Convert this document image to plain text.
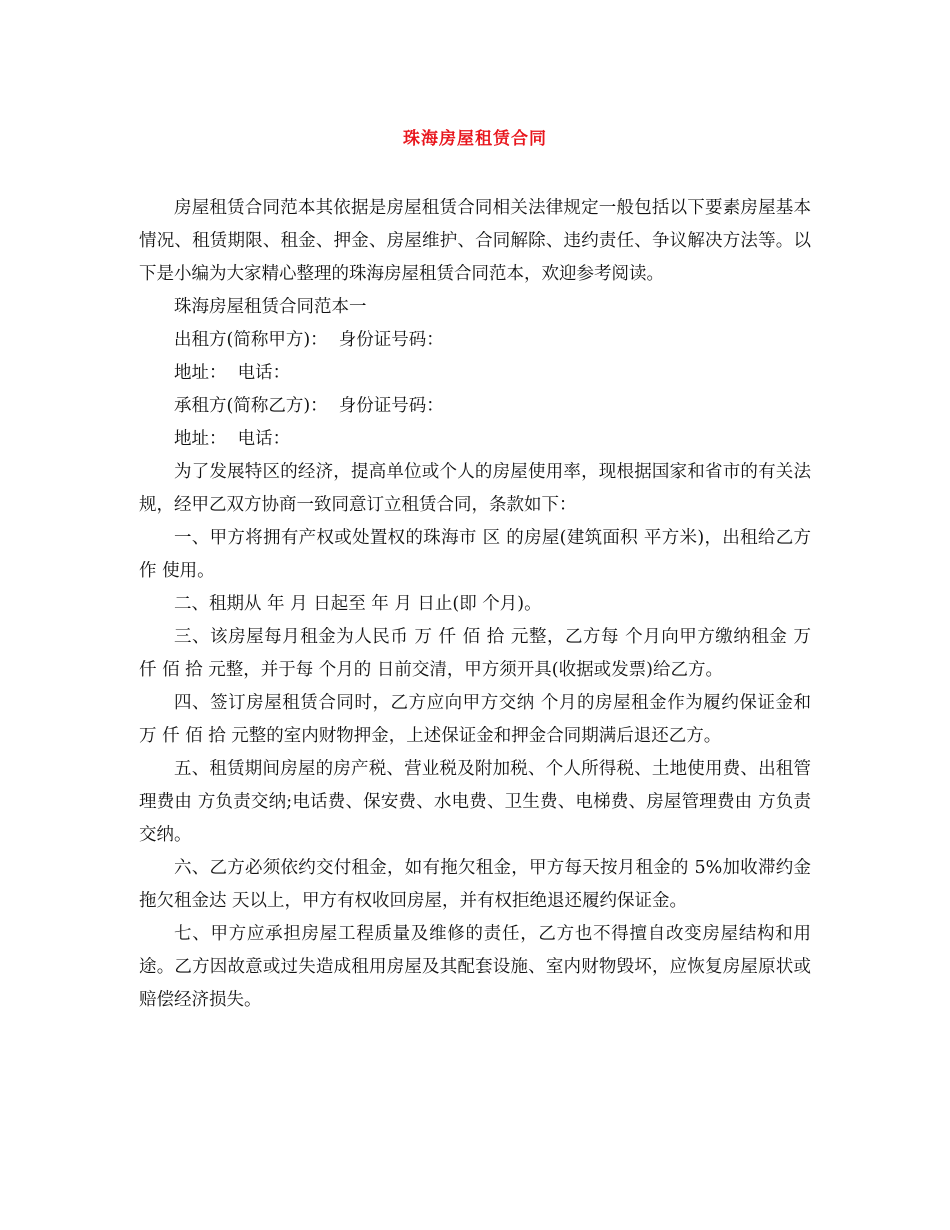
珠海房屋租赁合同

房屋租赁合同范本其依据是房屋租赁合同相关法律规定一般包括以下要素房屋基本情况、租赁期限、租金、押金、房屋维护、合同解除、违约责任、争议解决方法等。以下是小编为大家精心整理的珠海房屋租赁合同范本，欢迎参考阅读。

珠海房屋租赁合同范本一

出租方(简称甲方)：  身份证号码：

地址：  电话：

承租方(简称乙方)：  身份证号码：

地址：  电话：

为了发展特区的经济，提高单位或个人的房屋使用率，现根据国家和省市的有关法规，经甲乙双方协商一致同意订立租赁合同，条款如下：

一、甲方将拥有产权或处置权的珠海市 区 的房屋(建筑面积 平方米)，出租给乙方作 使用。

二、租期从 年 月 日起至 年 月 日止(即 个月)。

三、该房屋每月租金为人民币 万 仟 佰 拾 元整，乙方每 个月向甲方缴纳租金 万 仟 佰 拾 元整，并于每 个月的 日前交清，甲方须开具(收据或发票)给乙方。

四、签订房屋租赁合同时，乙方应向甲方交纳 个月的房屋租金作为履约保证金和 万 仟 佰 拾 元整的室内财物押金，上述保证金和押金合同期满后退还乙方。

五、租赁期间房屋的房产税、营业税及附加税、个人所得税、土地使用费、出租管理费由 方负责交纳;电话费、保安费、水电费、卫生费、电梯费、房屋管理费由 方负责交纳。

六、乙方必须依约交付租金，如有拖欠租金，甲方每天按月租金的 5%加收滞约金拖欠租金达 天以上，甲方有权收回房屋，并有权拒绝退还履约保证金。

七、甲方应承担房屋工程质量及维修的责任，乙方也不得擅自改变房屋结构和用途。乙方因故意或过失造成租用房屋及其配套设施、室内财物毁坏，应恢复房屋原状或赔偿经济损失。
